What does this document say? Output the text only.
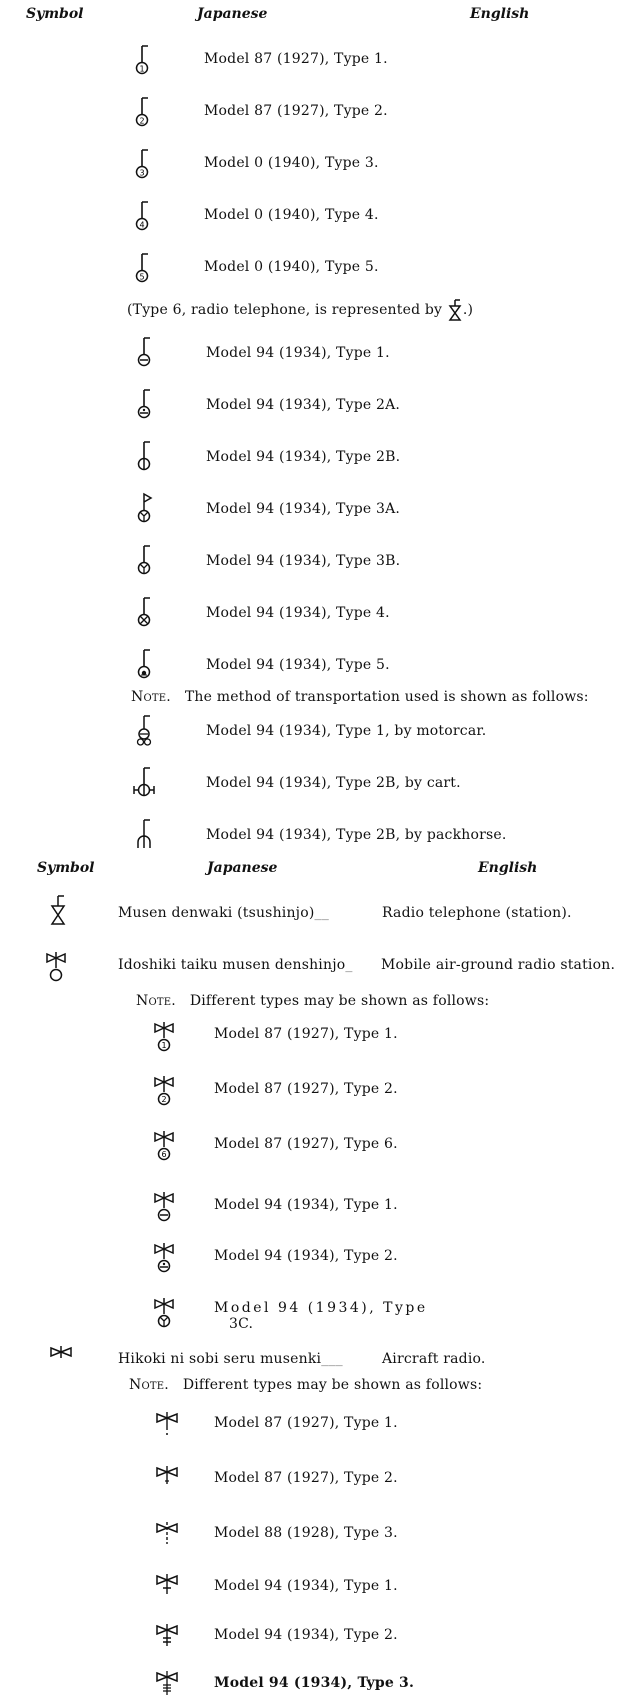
Symbol	Japanese	English
1
Model 87 (1927), Type 1.
2
Model 87 (1927), Type 2.
3
Model 0 (1940), Type 3.
4
Model 0 (1940), Type 4.
5
Model 0 (1940), Type 5.
(Type 6, radio telephone, is represented by .)
Model 94 (1934), Type 1.
Model 94 (1934), Type 2A.
Model 94 (1934), Type 2B.
Model 94 (1934), Type 3A.
Model 94 (1934), Type 3B.
Model 94 (1934), Type 4.
Model 94 (1934), Type 5.
Note. The method of transportation used is shown as follows:
Model 94 (1934), Type 1, by motorcar.
Model 94 (1934), Type 2B, by cart.
Model 94 (1934), Type 2B, by packhorse.
Symbol	Japanese	English
Musen denwaki (tsushinjo)__	Radio telephone (station).
Idoshiki taiku musen denshinjo_ Mobile air-ground radio station.
Note. Different types may be shown as follows:
1
Model 87 (1927), Type 1.
2
Model 87 (1927), Type 2.
6
Model 87 (1927), Type 6.
Model 94 (1934), Type 1.
Model 94 (1934), Type 2.
Model 94 (1934), Type
3C.
Hikoki ni sobi seru musenki___	Aircraft radio.
Note. Different types may be shown as follows:
Model 87 (1927), Type 1.
Model 87 (1927), Type 2.
Model 88 (1928), Type 3.
Model 94 (1934), Type 1.
Model 94 (1934), Type 2.
Model 94 (1934), Type 3.
